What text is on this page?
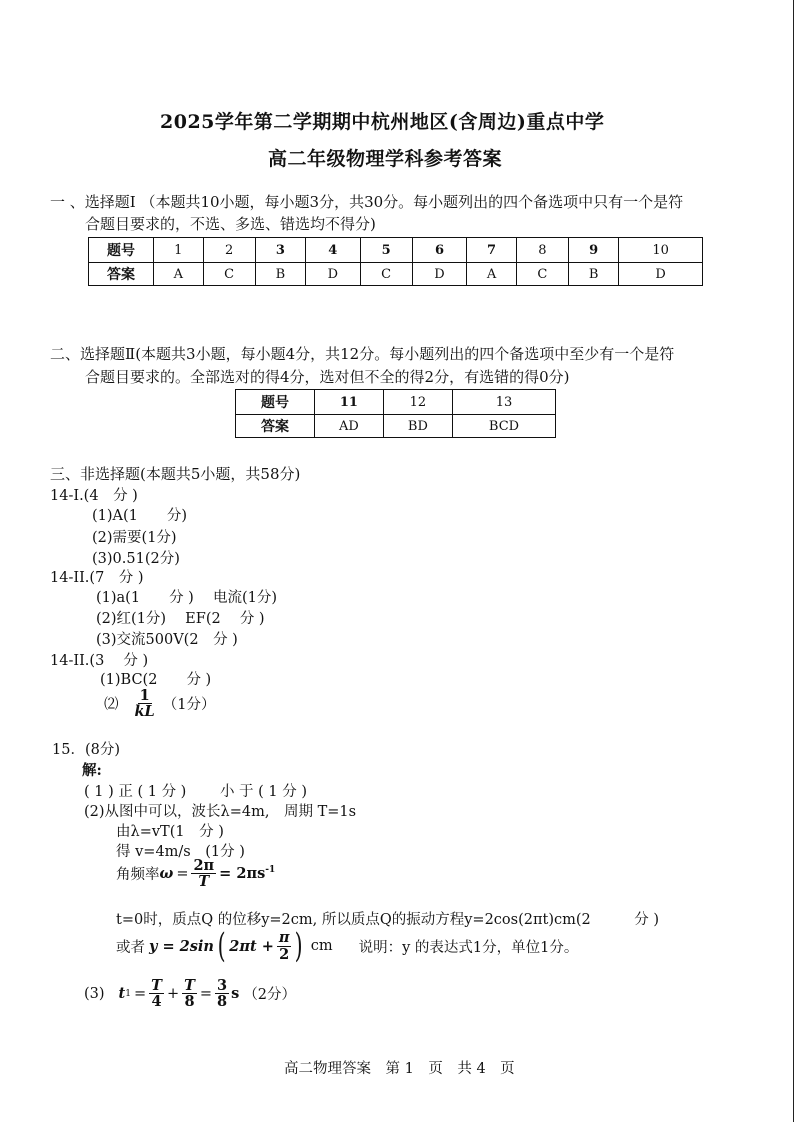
2025学年第二学期期中杭州地区(含周边)重点中学
高二年级物理学科参考答案
一 、选择题I （本题共10小题，每小题3分，共30分。每小题列出的四个备选项中只有一个是符
合题目要求的，不选、多选、错选均不得分)
题号	1	2	3	4	5	6	7	8	9	10
答案	A	C	B	D	C	D	A	C	B	D
二、选择题Ⅱ(本题共3小题，每小题4分，共12分。每小题列出的四个备选项中至少有一个是符
合题目要求的。全部选对的得4分，选对但不全的得2分，有选错的得0分)
题号	11	12	13
答案	AD	BD	BCD
三、非选择题(本题共5小题，共58分)
14-I.(4　分 )
(1)A(1　　分)
(2)需要(1分)
(3)0.51(2分)
14-II.(7　分 )
(1)a(1　　分 )　 电流(1分)
(2)红(1分)　 EF(2　 分 )
(3)交流500V(2　分 )
14-II.(3　 分 )
(1)BC(2　　分 )
⑵ $\frac{1}{kL} (1$分）
15．(8分)
解:
( 1 ) 正 ( 1 分 )　　 小 于 ( 1 分 )
(2)从图中可以，波长λ=4m,　周期 T=1s
由λ=vT(1　分 )
得 v=4m/s　(1分 )
角频率 $\omega = \frac{2\pi}{T} = 2\pi s^{-1}$
t=0时，质点Q 的位移y=2cm, 所以质点Q的振动方程y=2cos(2πt)cm(2　　　分 )
或者 y = 2sin ( $2\pi t + \frac{\pi}{2}$ ) cm 说明：y 的表达式1分，单位1分。
(3) t $1 = \frac{T}{4} + \frac{T}{8} = \frac{3}{8}$ s （2分）
高二物理答案　第 1　页　共 4　页
